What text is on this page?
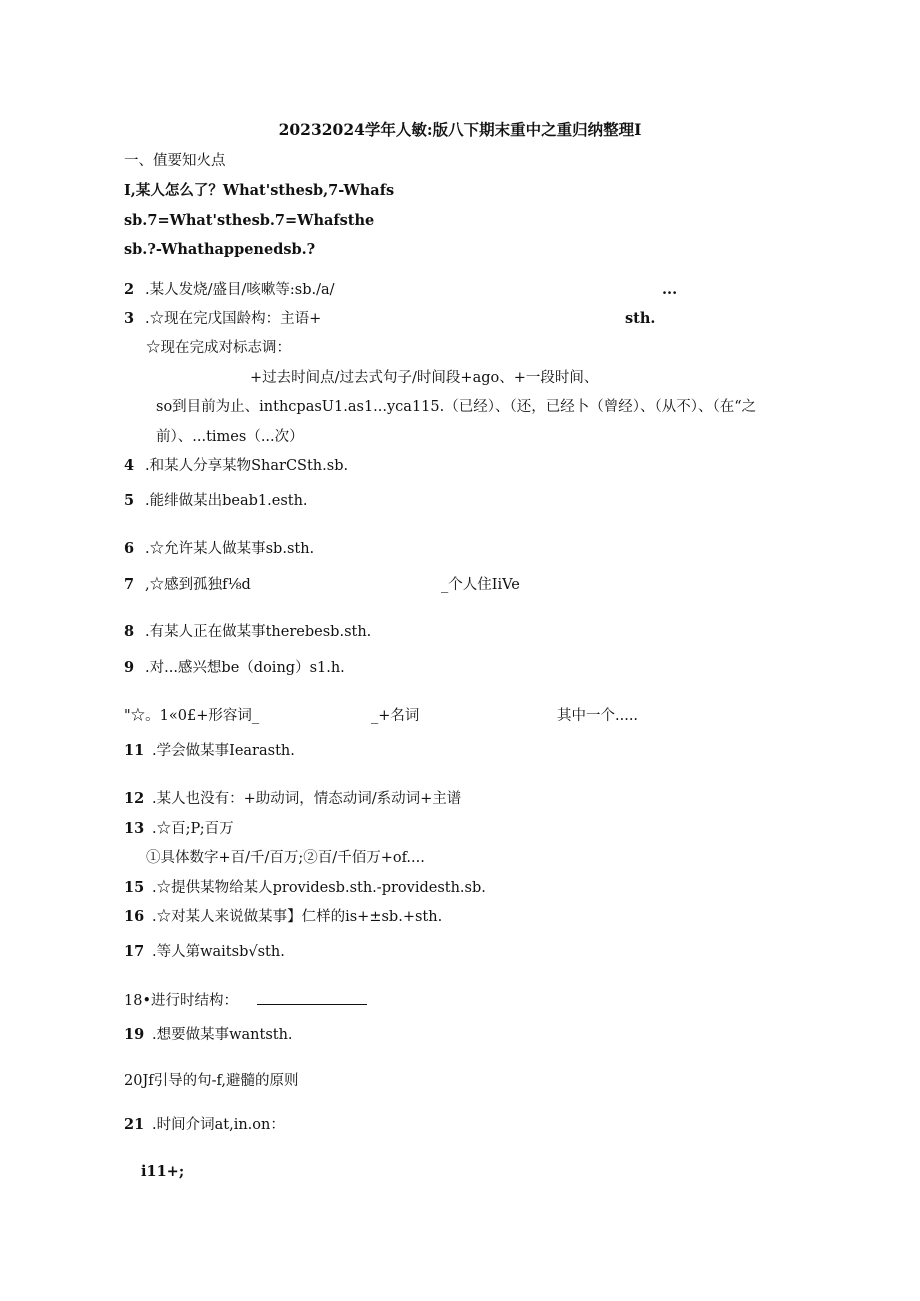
20232024学年人敏:版八下期末重中之重归纳整理I
一、值要知火点
I,某人怎么了？What'sthesb,7-Whafs
sb.7=What'sthesb.7=Whafsthe
sb.?-Whathappenedsb.?
2 .某人发烧/盛目/咳嗽等:sb./a/	...
3 .☆现在完戊国龄构：主语+	sth.
☆现在完成对标志调：
+过去时间点/过去式句子/时间段+ago、+一段时间、
so到目前为止、inthcpasU1.as1...yca115.（已经）、（还，已经卜（曾经）、（从不）、（在“之
前）、...times（...次）
4 .和某人分享某物SharCSth.sb.
5 .能绯做某出beab1.esth.
6 .☆允许某人做某事sb.sth.
7 ,☆感到孤独f⅛d	_个人住IiVe
8 .有某人正在做某事therebesb.sth.
9 .对...感兴想be（doing）s1.h.
"☆。1«0£+形容词_	_+名词	其中一个.....
11 .学会做某事Iearasth.
12 .某人也没有：+助动词，情态动词/系动词+主谱
13 .☆百;P;百万
①具体数字+百/千/百万;②百/千佰万+of....
15 .☆提供某物给某人providesb.sth.-providesth.sb.
16 .☆对某人来说做某事】仁样的is+±sb.+sth.
17 .等人第waitsb√sth.
18•进行时结构：
19 .想要做某事wantsth.
20Jf引导的句-f,避髓的原则
21 .时间介词at,in.on：
i11+;
